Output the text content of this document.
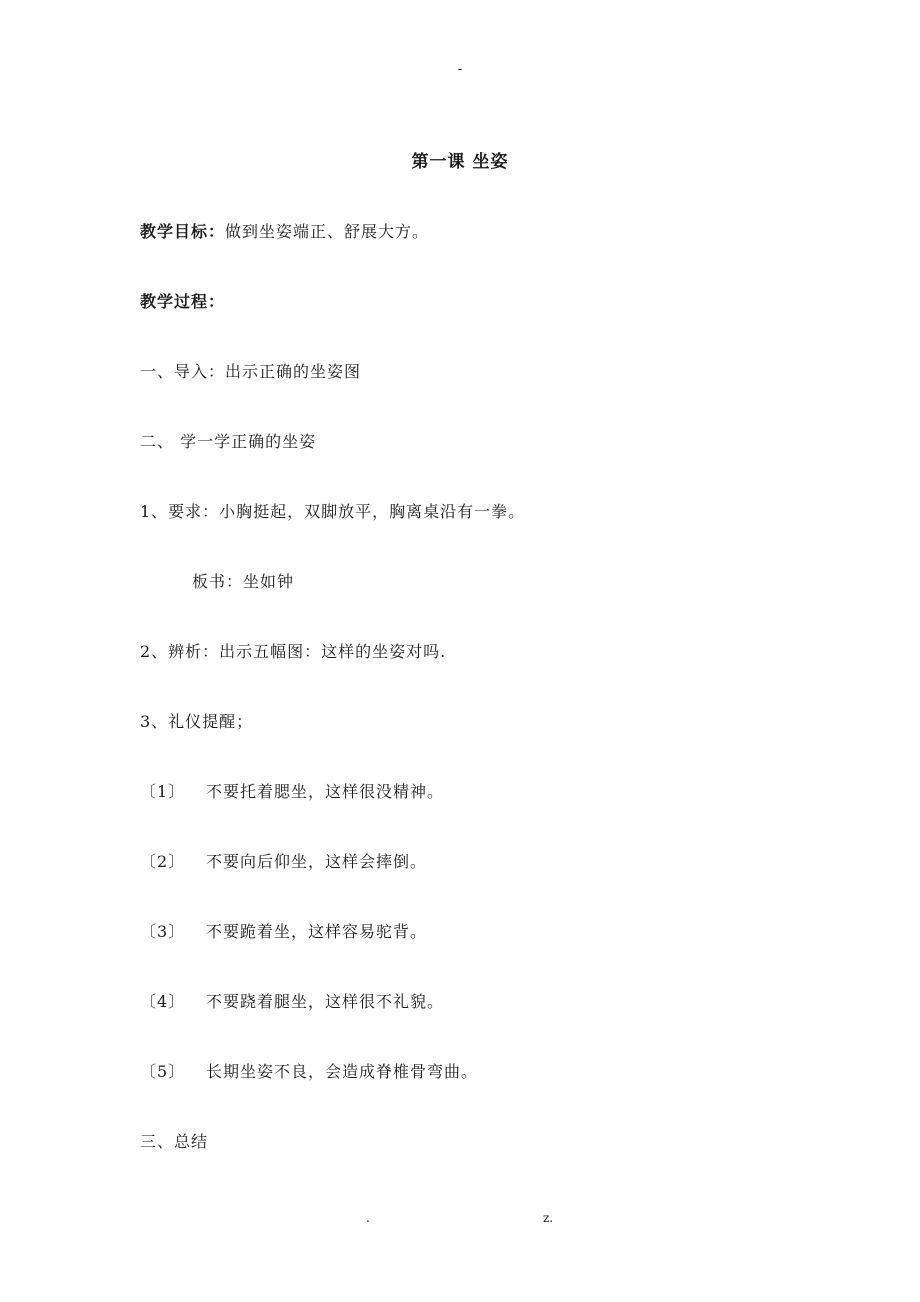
-
第一课 坐姿
教学目标：做到坐姿端正、舒展大方。
教学过程：
一、导入：出示正确的坐姿图
二、 学一学正确的坐姿
1、要求：小胸挺起，双脚放平，胸离桌沿有一拳。
板书：坐如钟
2、辨析：出示五幅图：这样的坐姿对吗.
3、礼仪提醒；
〔1〕 不要托着腮坐，这样很没精神。
〔2〕 不要向后仰坐，这样会摔倒。
〔3〕 不要跪着坐，这样容易驼背。
〔4〕 不要跷着腿坐，这样很不礼貌。
〔5〕 长期坐姿不良，会造成脊椎骨弯曲。
三、总结
.	z.
